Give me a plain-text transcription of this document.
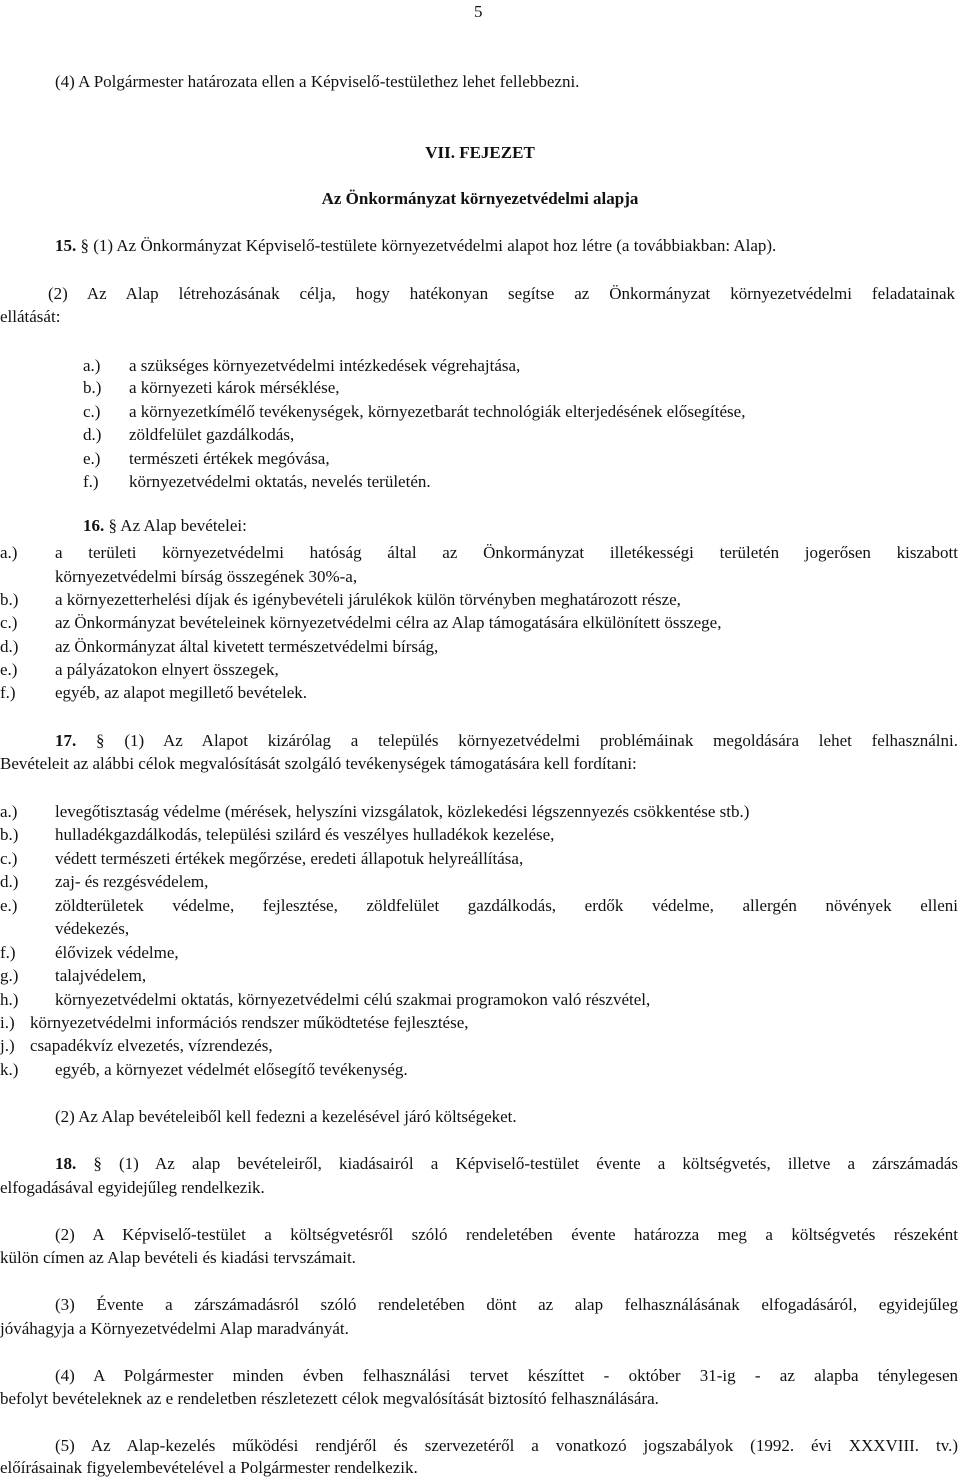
5
(4) A Polgármester határozata ellen a Képviselő-testülethez lehet fellebbezni.
VII. FEJEZET
Az Önkormányzat környezetvédelmi alapja
15. § (1) Az Önkormányzat Képviselő-testülete környezetvédelmi alapot hoz létre (a továbbiakban: Alap).
(2) Az Alap létrehozásának célja, hogy hatékonyan segítse az Önkormányzat környezetvédelmi feladatainak
ellátását:
a.) a szükséges környezetvédelmi intézkedések végrehajtása,
b.) a környezeti károk mérséklése,
c.) a környezetkímélő tevékenységek, környezetbarát technológiák elterjedésének elősegítése,
d.) zöldfelület gazdálkodás,
e.) természeti értékek megóvása,
f.) környezetvédelmi oktatás, nevelés területén.
16. § Az Alap bevételei:
a.) a területi környezetvédelmi hatóság által az Önkormányzat illetékességi területén jogerősen kiszabott
környezetvédelmi bírság összegének 30%-a,
b.) a környezetterhelési díjak és igénybevételi járulékok külön törvényben meghatározott része,
c.) az Önkormányzat bevételeinek környezetvédelmi célra az Alap támogatására elkülönített összege,
d.) az Önkormányzat által kivetett természetvédelmi bírság,
e.) a pályázatokon elnyert összegek,
f.) egyéb, az alapot megillető bevételek.
17. § (1) Az Alapot kizárólag a település környezetvédelmi problémáinak megoldására lehet felhasználni.
Bevételeit az alábbi célok megvalósítását szolgáló tevékenységek támogatására kell fordítani:
a.) levegőtisztaság védelme (mérések, helyszíni vizsgálatok, közlekedési légszennyezés csökkentése stb.)
b.) hulladékgazdálkodás, települési szilárd és veszélyes hulladékok kezelése,
c.) védett természeti értékek megőrzése, eredeti állapotuk helyreállítása,
d.) zaj- és rezgésvédelem,
e.) zöldterületek védelme, fejlesztése, zöldfelület gazdálkodás, erdők védelme, allergén növények elleni
védekezés,
f.) élővizek védelme,
g.) talajvédelem,
h.) környezetvédelmi oktatás, környezetvédelmi célú szakmai programokon való részvétel,
i.) környezetvédelmi információs rendszer működtetése fejlesztése,
j.) csapadékvíz elvezetés, vízrendezés,
k.) egyéb, a környezet védelmét elősegítő tevékenység.
(2) Az Alap bevételeiből kell fedezni a kezelésével járó költségeket.
18. § (1) Az alap bevételeiről, kiadásairól a Képviselő-testület évente a költségvetés, illetve a zárszámadás
elfogadásával egyidejűleg rendelkezik.
(2) A Képviselő-testület a költségvetésről szóló rendeletében évente határozza meg a költségvetés részeként
külön címen az Alap bevételi és kiadási tervszámait.
(3) Évente a zárszámadásról szóló rendeletében dönt az alap felhasználásának elfogadásáról, egyidejűleg
jóváhagyja a Környezetvédelmi Alap maradványát.
(4) A Polgármester minden évben felhasználási tervet készíttet - október 31-ig - az alapba ténylegesen
befolyt bevételeknek az e rendeletben részletezett célok megvalósítását biztosító felhasználására.
(5) Az Alap-kezelés működési rendjéről és szervezetéről a vonatkozó jogszabályok (1992. évi XXXVIII. tv.)
előírásainak figyelembevételével a Polgármester rendelkezik.
